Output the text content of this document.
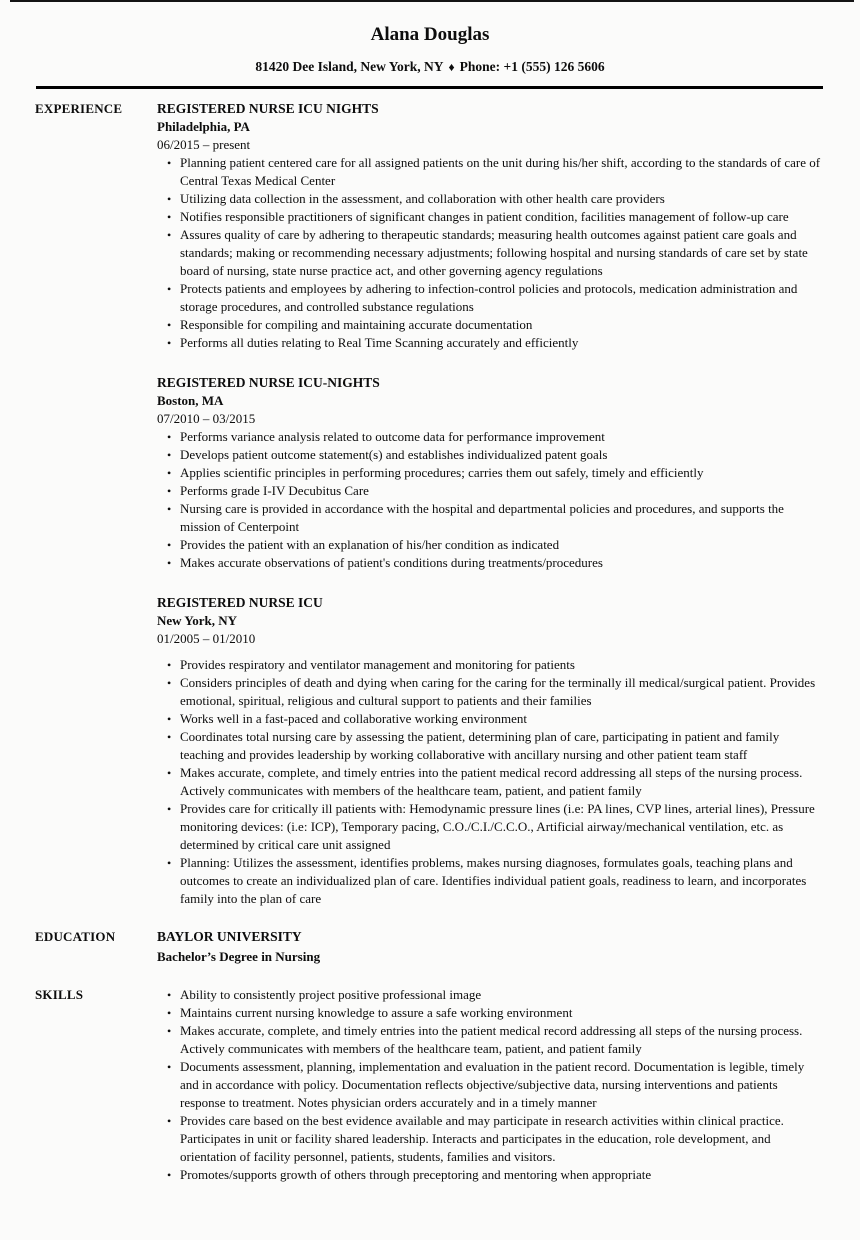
Alana Douglas
81420 Dee Island, New York, NY ♦ Phone: +1 (555) 126 5606
EXPERIENCE	REGISTERED NURSE ICU NIGHTS
Philadelphia, PA
06/2015 – present
• Planning patient centered care for all assigned patients on the unit during his/her shift, according to the standards of care of Central Texas Medical Center
• Utilizing data collection in the assessment, and collaboration with other health care providers
• Notifies responsible practitioners of significant changes in patient condition, facilities management of follow-up care
• Assures quality of care by adhering to therapeutic standards; measuring health outcomes against patient care goals and standards; making or recommending necessary adjustments; following hospital and nursing standards of care set by state board of nursing, state nurse practice act, and other governing agency regulations
• Protects patients and employees by adhering to infection-control policies and protocols, medication administration and storage procedures, and controlled substance regulations
• Responsible for compiling and maintaining accurate documentation
• Performs all duties relating to Real Time Scanning accurately and efficiently
REGISTERED NURSE ICU-NIGHTS
Boston, MA
07/2010 – 03/2015
• Performs variance analysis related to outcome data for performance improvement
• Develops patient outcome statement(s) and establishes individualized patent goals
• Applies scientific principles in performing procedures; carries them out safely, timely and efficiently
• Performs grade I-IV Decubitus Care
• Nursing care is provided in accordance with the hospital and departmental policies and procedures, and supports the mission of Centerpoint
• Provides the patient with an explanation of his/her condition as indicated
• Makes accurate observations of patient's conditions during treatments/procedures
REGISTERED NURSE ICU
New York, NY
01/2005 – 01/2010
• Provides respiratory and ventilator management and monitoring for patients
• Considers principles of death and dying when caring for the caring for the terminally ill medical/surgical patient. Provides emotional, spiritual, religious and cultural support to patients and their families
• Works well in a fast-paced and collaborative working environment
• Coordinates total nursing care by assessing the patient, determining plan of care, participating in patient and family teaching and provides leadership by working collaborative with ancillary nursing and other patient team staff
• Makes accurate, complete, and timely entries into the patient medical record addressing all steps of the nursing process. Actively communicates with members of the healthcare team, patient, and patient family
• Provides care for critically ill patients with: Hemodynamic pressure lines (i.e: PA lines, CVP lines, arterial lines), Pressure monitoring devices: (i.e: ICP), Temporary pacing, C.O./C.I./C.C.O., Artificial airway/mechanical ventilation, etc. as determined by critical care unit assigned
• Planning: Utilizes the assessment, identifies problems, makes nursing diagnoses, formulates goals, teaching plans and outcomes to create an individualized plan of care. Identifies individual patient goals, readiness to learn, and incorporates family into the plan of care
EDUCATION	BAYLOR UNIVERSITY
Bachelor’s Degree in Nursing
SKILLS	• Ability to consistently project positive professional image
• Maintains current nursing knowledge to assure a safe working environment
• Makes accurate, complete, and timely entries into the patient medical record addressing all steps of the nursing process. Actively communicates with members of the healthcare team, patient, and patient family
• Documents assessment, planning, implementation and evaluation in the patient record. Documentation is legible, timely and in accordance with policy. Documentation reflects objective/subjective data, nursing interventions and patients response to treatment. Notes physician orders accurately and in a timely manner
• Provides care based on the best evidence available and may participate in research activities within clinical practice. Participates in unit or facility shared leadership. Interacts and participates in the education, role development, and orientation of facility personnel, patients, students, families and visitors.
• Promotes/supports growth of others through preceptoring and mentoring when appropriate
